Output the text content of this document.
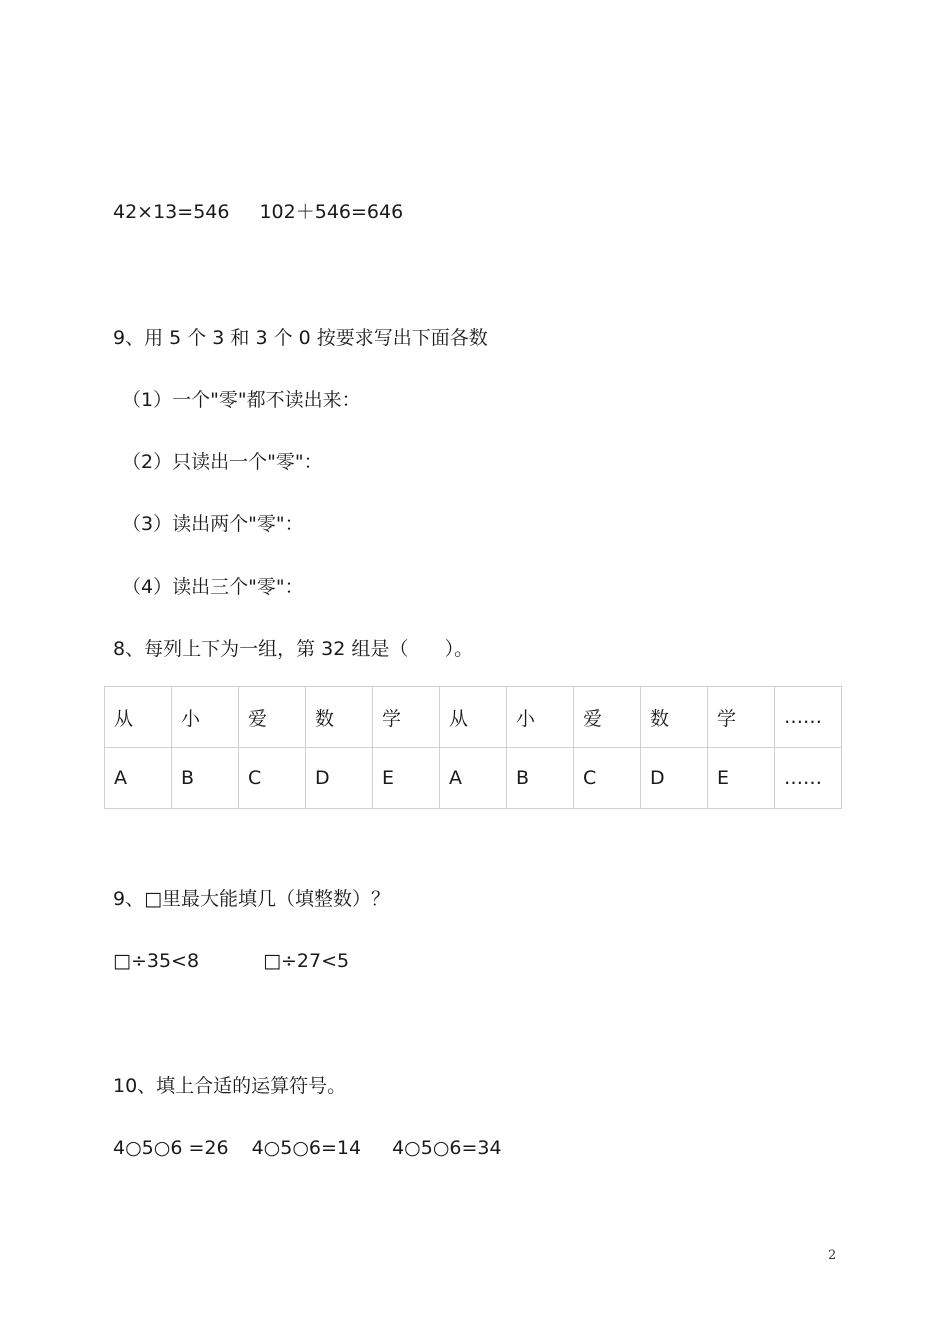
42×13=546 102＋546=646
9、用 5 个 3 和 3 个 0 按要求写出下面各数
（1）一个"零"都不读出来：
（2）只读出一个"零"：
（3）读出两个"零"：
（4）读出三个"零"：
8、每列上下为一组，第 32 组是（      ）。
从	小	爱	数	学	从	小	爱	数	学	……
A	B	C	D	E	A	B	C	D	E	……
9、□里最大能填几（填整数）？
□÷35<8	□÷27<5
10、填上合适的运算符号。
4○5○6 =26 4○5○6=14 4○5○6=34
2
